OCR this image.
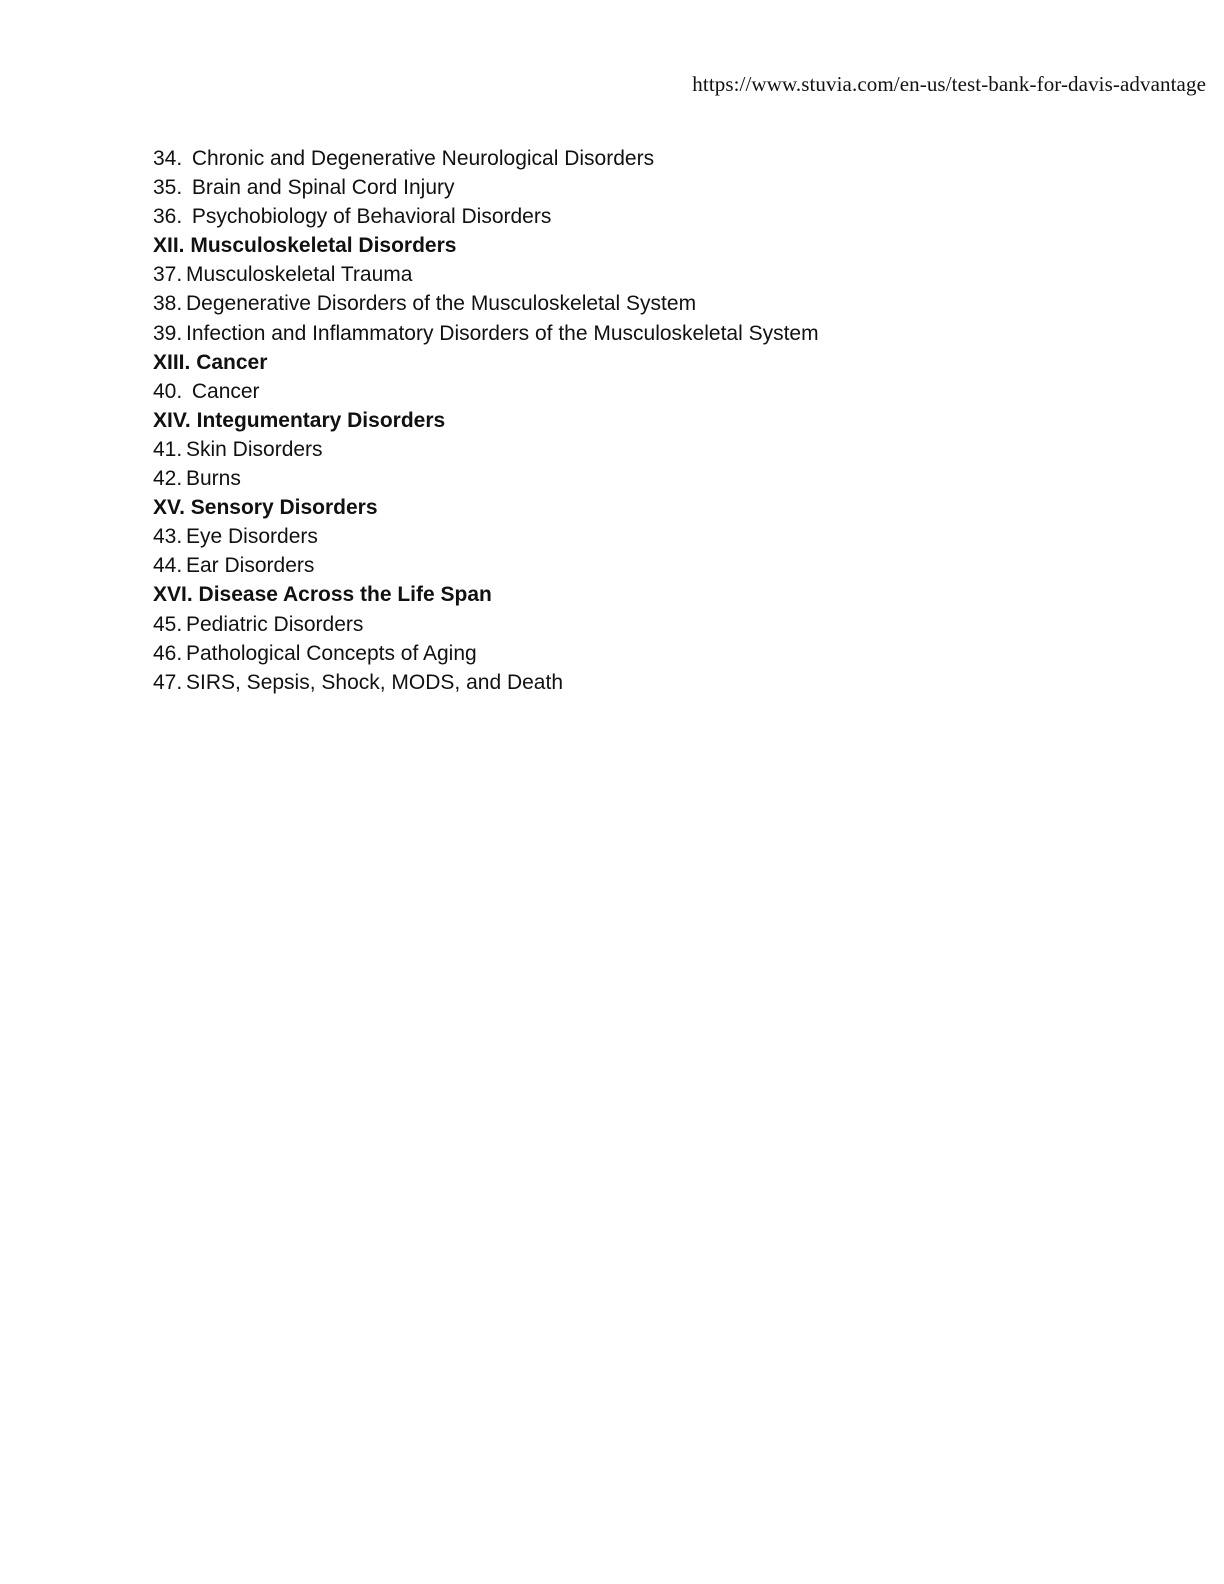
https://www.stuvia.com/en-us/test-bank-for-davis-advantage
34. Chronic and Degenerative Neurological Disorders
35. Brain and Spinal Cord Injury
36. Psychobiology of Behavioral Disorders
XII. Musculoskeletal Disorders
37. Musculoskeletal Trauma
38. Degenerative Disorders of the Musculoskeletal System
39. Infection and Inflammatory Disorders of the Musculoskeletal System
XIII. Cancer
40. Cancer
XIV. Integumentary Disorders
41. Skin Disorders
42. Burns
XV. Sensory Disorders
43. Eye Disorders
44. Ear Disorders
XVI. Disease Across the Life Span
45. Pediatric Disorders
46. Pathological Concepts of Aging
47. SIRS, Sepsis, Shock, MODS, and Death
